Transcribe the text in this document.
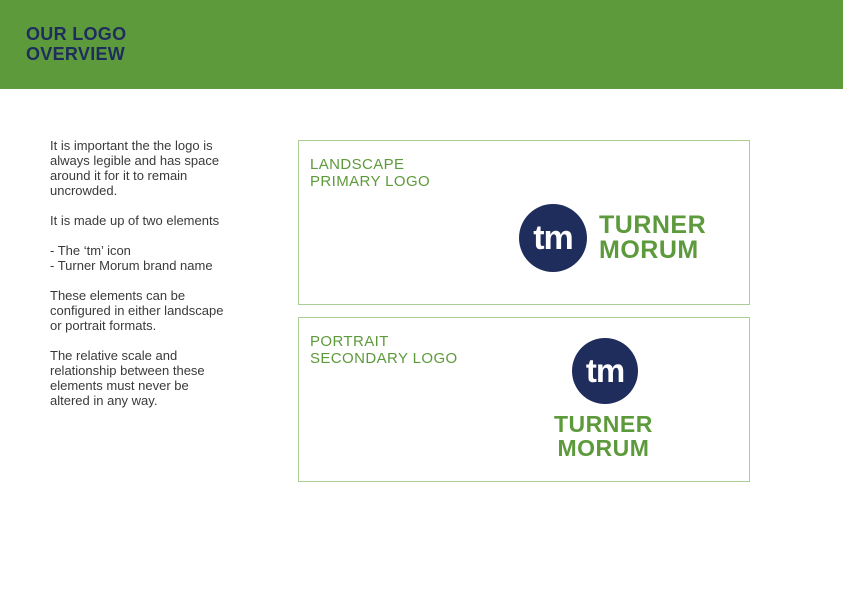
OUR LOGO
OVERVIEW

It is important the the logo is
always legible and has space
around it for it to remain
uncrowded.

It is made up of two elements

- The ‘tm’ icon
- Turner Morum brand name

These elements can be
configured in either landscape
or portrait formats.

The relative scale and
relationship between these
elements must never be
altered in any way.

LANDSCAPE
PRIMARY LOGO
tm TURNER
MORUM
PORTRAIT
SECONDARY LOGO	tm
TURNER
MORUM
